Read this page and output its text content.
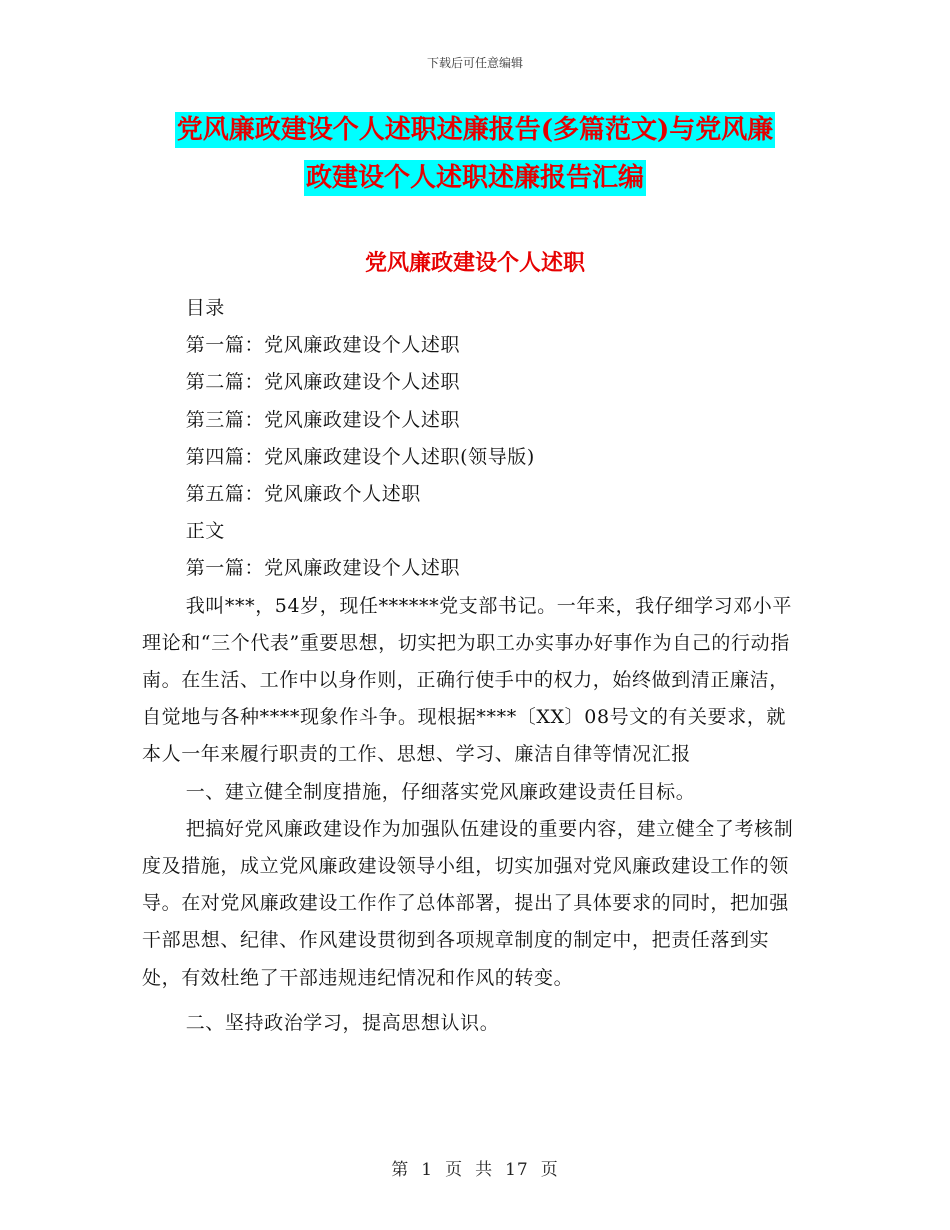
下载后可任意编辑
党风廉政建设个人述职述廉报告(多篇范文)与党风廉
政建设个人述职述廉报告汇编
党风廉政建设个人述职

目录

第一篇：党风廉政建设个人述职

第二篇：党风廉政建设个人述职

第三篇：党风廉政建设个人述职

第四篇：党风廉政建设个人述职(领导版)

第五篇：党风廉政个人述职

正文

第一篇：党风廉政建设个人述职

我叫***，54岁，现任******党支部书记。一年来，我仔细学习邓小平理论和“三个代表”重要思想，切实把为职工办实事办好事作为自己的行动指南。在生活、工作中以身作则，正确行使手中的权力，始终做到清正廉洁，自觉地与各种****现象作斗争。现根据****〔XX〕08号文的有关要求，就本人一年来履行职责的工作、思想、学习、廉洁自律等情况汇报

一、建立健全制度措施，仔细落实党风廉政建设责任目标。

把搞好党风廉政建设作为加强队伍建设的重要内容，建立健全了考核制度及措施，成立党风廉政建设领导小组，切实加强对党风廉政建设工作的领导。在对党风廉政建设工作作了总体部署，提出了具体要求的同时，把加强干部思想、纪律、作风建设贯彻到各项规章制度的制定中，把责任落到实处，有效杜绝了干部违规违纪情况和作风的转变。

二、坚持政治学习，提高思想认识。

第 1 页 共 17 页
